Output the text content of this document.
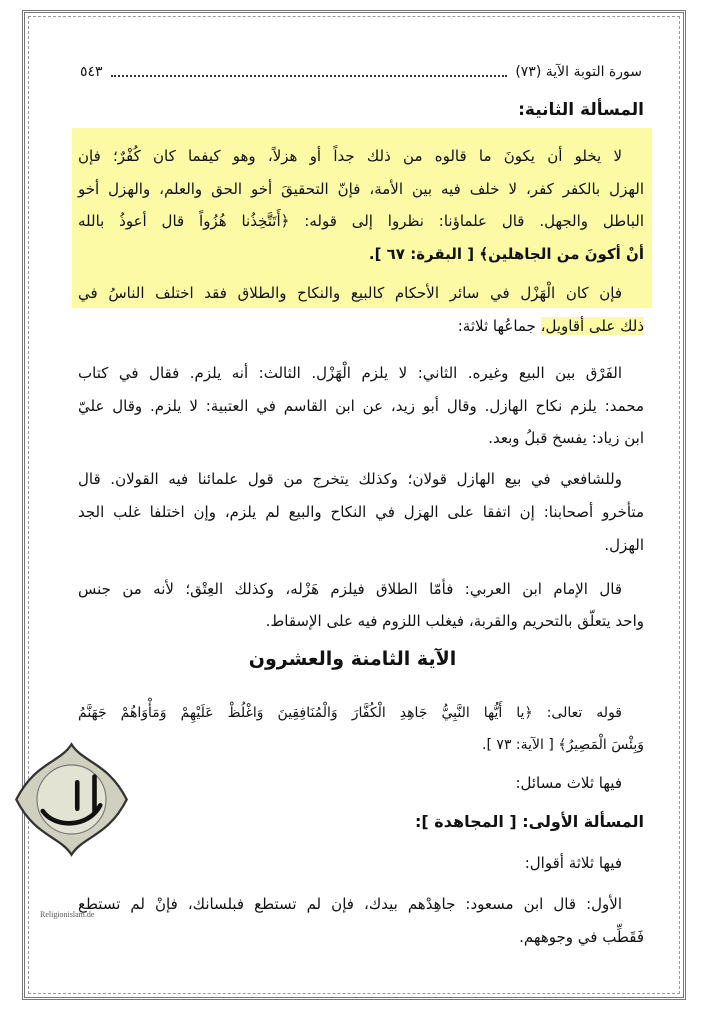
سورة التوبة الآية (٧٣)
٥٤٣
المسألة الثانية:
لا يخلو أن يكونَ ما قالوه من ذلك جداً أو هزلاً، وهو كيفما كان كُفْرٌ؛ فإن
الهزل بالكفر كفر، لا خلف فيه بين الأمة، فإنّ التحقيقَ أخو الحق والعلم، والهزل أخو
الباطل والجهل. قال علماؤنا: نظروا إلى قوله: ﴿أَتَتَّخِذُنا هُزُواً قال أعوذُ بالله
أنْ أكونَ من الجاهلين﴾ [ البقرة: ٦٧ ].
فإن كان الْهَزْل في سائر الأحكام كالبيع والنكاح والطلاق فقد اختلف الناسُ في
ذلك على أقاويل، جماعُها ثلاثة:
الفَرْق بين البيع وغيره. الثاني: لا يلزم الْهَزْل. الثالث: أنه يلزم. فقال في كتاب
محمد: يلزم نكاح الهازل. وقال أبو زيد، عن ابن القاسم في العتبية: لا يلزم. وقال عليّ
ابن زياد: يفسخ قبلُ وبعد.
وللشافعي في بيع الهازل قولان؛ وكذلك يتخرج من قول علمائنا فيه القولان. قال
متأخرو أصحابنا: إن اتفقا على الهزل في النكاح والبيع لم يلزم، وإن اختلفا غلب الجد
الهزل.
قال الإمام ابن العربي: فأمّا الطلاق فيلزم هَزْله، وكذلك العِتْق؛ لأنه من جنس
واحد يتعلّق بالتحريم والقربة، فيغلب اللزوم فيه على الإسقاط.
الآية الثامنة والعشرون
قوله تعالى: ﴿يا أَيُّها النَّبِيُّ جَاهِدِ الْكُفَّارَ وَالْمُنَافِقِينَ وَاغْلُظْ عَلَيْهِمْ وَمَأْوَاهُمْ جَهَنَّمُ
وَبِئْسَ الْمَصِيرُ﴾ [ الآية: ٧٣ ].
فيها ثلاث مسائل:
المسألة الأولى: [ المجاهدة ]:
فيها ثلاثة أقوال:
الأول: قال ابن مسعود: جاهِدْهم بيدك، فإن لم تستطع فبلسانك، فإنْ لم تستطع
فَقَطِّب في وجوههم.
Religionislam.de
